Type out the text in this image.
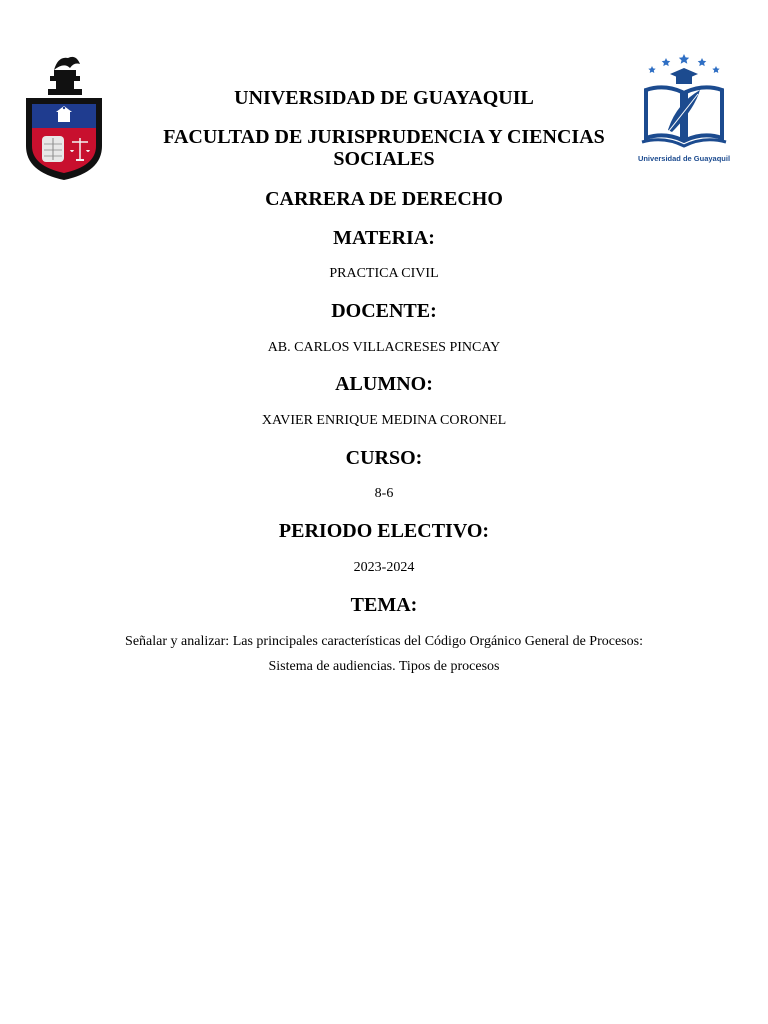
Universidad de Guayaquil
UNIVERSIDAD DE GUAYAQUIL
FACULTAD DE JURISPRUDENCIA Y CIENCIAS SOCIALES
CARRERA DE DERECHO
MATERIA:
PRACTICA CIVIL
DOCENTE:
AB. CARLOS VILLACRESES PINCAY
ALUMNO:
XAVIER ENRIQUE MEDINA CORONEL
CURSO:
8-6
PERIODO ELECTIVO:
2023-2024
TEMA:
Señalar y analizar: Las principales características del Código Orgánico General de Procesos: Sistema de audiencias. Tipos de procesos
